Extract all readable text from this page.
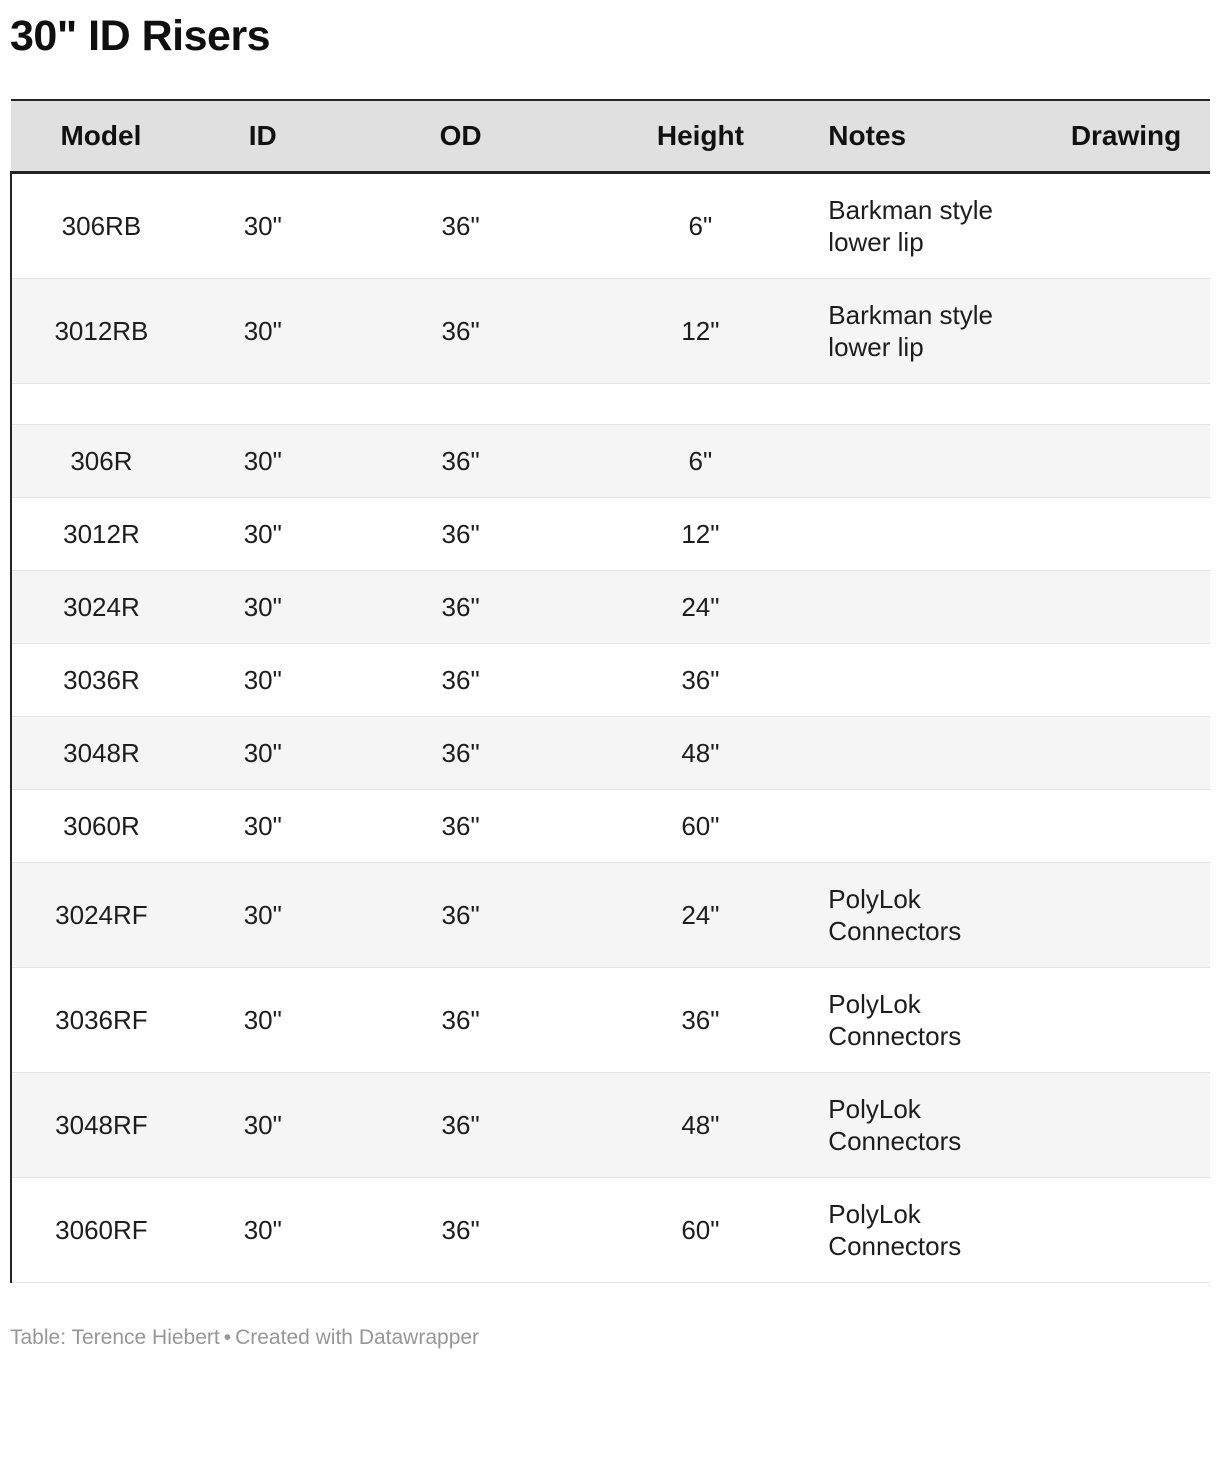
30" ID Risers
Model	ID	OD	Height	Notes	Drawing
306RB	30"	36"	6"	Barkman style lower lip	
3012RB	30"	36"	12"	Barkman style lower lip	

306R	30"	36"	6"		
3012R	30"	36"	12"		
3024R	30"	36"	24"		
3036R	30"	36"	36"		
3048R	30"	36"	48"		
3060R	30"	36"	60"		
3024RF	30"	36"	24"	PolyLok Connectors	
3036RF	30"	36"	36"	PolyLok Connectors	
3048RF	30"	36"	48"	PolyLok Connectors	
3060RF	30"	36"	60"	PolyLok Connectors	
Table: Terence Hiebert • Created with Datawrapper
